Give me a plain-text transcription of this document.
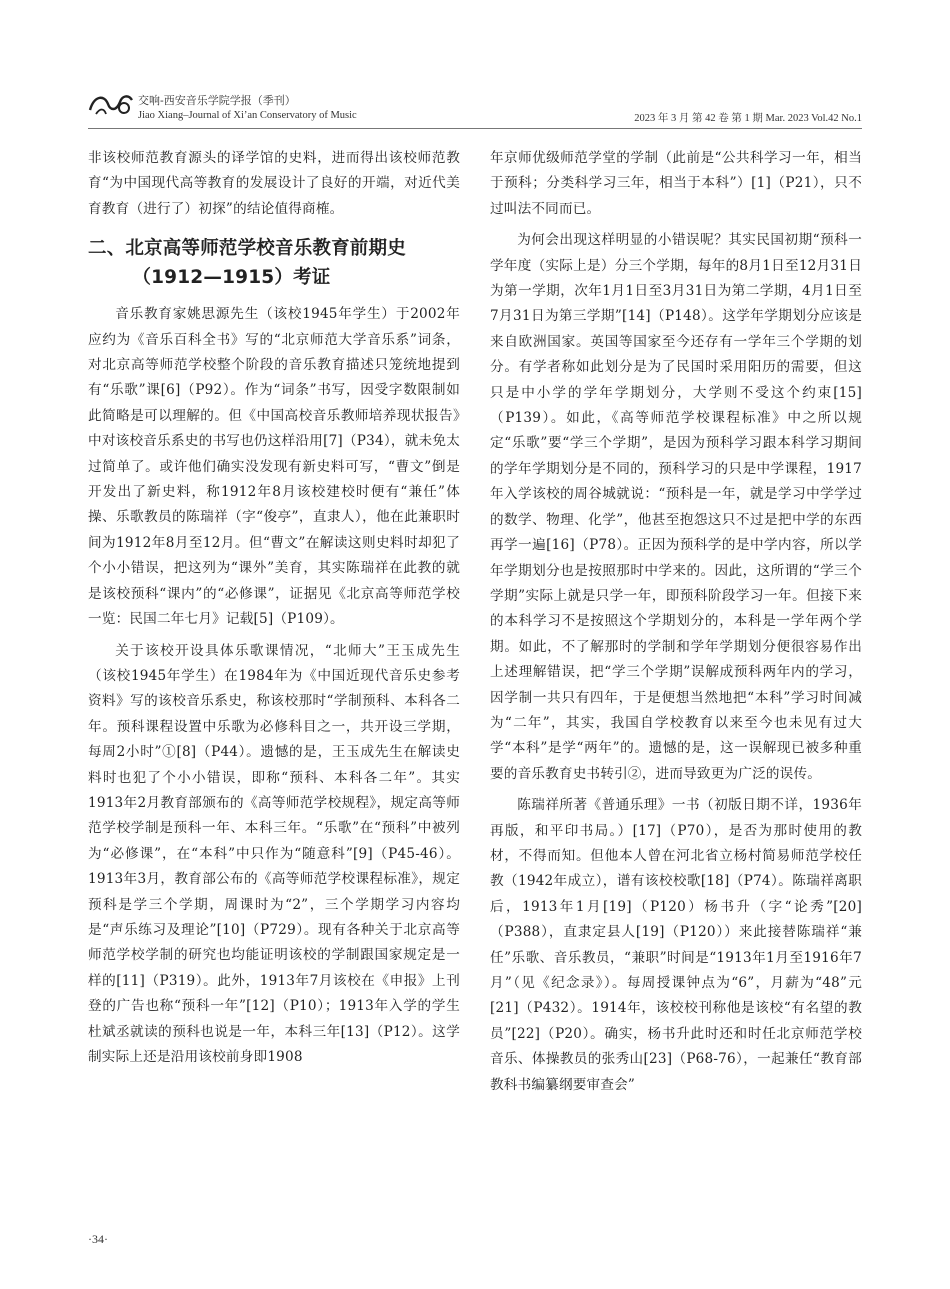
交响-西安音乐学院学报（季刊）
Jiao Xiang–Journal of Xi’an Conservatory of Music	2023 年 3 月 第 42 卷 第 1 期 Mar. 2023 Vol.42 No.1

非该校师范教育源头的译学馆的史料，进而得出该校师范教育“为中国现代高等教育的发展设计了良好的开端，对近代美育教育（进行了）初探”的结论值得商榷。

二、北京高等师范学校音乐教育前期史
（1912—1915）考证

音乐教育家姚思源先生（该校1945年学生）于2002年应约为《音乐百科全书》写的“北京师范大学音乐系”词条，对北京高等师范学校整个阶段的音乐教育描述只笼统地提到有“乐歌”课[6]（P92）。作为“词条”书写，因受字数限制如此简略是可以理解的。但《中国高校音乐教师培养现状报告》中对该校音乐系史的书写也仍这样沿用[7]（P34），就未免太过简单了。或许他们确实没发现有新史料可写，“曹文”倒是开发出了新史料，称1912年8月该校建校时便有“兼任”体操、乐歌教员的陈瑞祥（字“俊亭”，直隶人），他在此兼职时间为1912年8月至12月。但“曹文”在解读这则史料时却犯了个小小错误，把这列为“课外”美育，其实陈瑞祥在此教的就是该校预科“课内”的“必修课”，证据见《北京高等师范学校一览：民国二年七月》记载[5]（P109）。

关于该校开设具体乐歌课情况，“北师大”王玉成先生（该校1945年学生）在1984年为《中国近现代音乐史参考资料》写的该校音乐系史，称该校那时“学制预科、本科各二年。预科课程设置中乐歌为必修科目之一，共开设三学期，每周2小时”①[8]（P44）。遗憾的是，王玉成先生在解读史料时也犯了个小小错误，即称“预科、本科各二年”。其实1913年2月教育部颁布的《高等师范学校规程》，规定高等师范学校学制是预科一年、本科三年。“乐歌”在“预科”中被列为“必修课”，在“本科”中只作为“随意科”[9]（P45-46）。1913年3月，教育部公布的《高等师范学校课程标准》，规定预科是学三个学期，周课时为“2”，三个学期学习内容均是“声乐练习及理论”[10]（P729）。现有各种关于北京高等师范学校学制的研究也均能证明该校的学制跟国家规定是一样的[11]（P319）。此外，1913年7月该校在《申报》上刊登的广告也称“预科一年”[12]（P10）；1913年入学的学生杜斌丞就读的预科也说是一年，本科三年[13]（P12）。这学制实际上还是沿用该校前身即1908

年京师优级师范学堂的学制（此前是“公共科学习一年，相当于预科；分类科学习三年，相当于本科”）[1]（P21），只不过叫法不同而已。

为何会出现这样明显的小错误呢？其实民国初期“预科一学年度（实际上是）分三个学期，每年的8月1日至12月31日为第一学期，次年1月1日至3月31日为第二学期，4月1日至7月31日为第三学期”[14]（P148）。这学年学期划分应该是来自欧洲国家。英国等国家至今还存有一学年三个学期的划分。有学者称如此划分是为了民国时采用阳历的需要，但这只是中小学的学年学期划分，大学则不受这个约束[15]（P139）。如此，《高等师范学校课程标准》中之所以规定“乐歌”要“学三个学期”，是因为预科学习跟本科学习期间的学年学期划分是不同的，预科学习的只是中学课程，1917年入学该校的周谷城就说：“预科是一年，就是学习中学学过的数学、物理、化学”，他甚至抱怨这只不过是把中学的东西再学一遍[16]（P78）。正因为预科学的是中学内容，所以学年学期划分也是按照那时中学来的。因此，这所谓的“学三个学期”实际上就是只学一年，即预科阶段学习一年。但接下来的本科学习不是按照这个学期划分的，本科是一学年两个学期。如此，不了解那时的学制和学年学期划分便很容易作出上述理解错误，把“学三个学期”误解成预科两年内的学习，因学制一共只有四年，于是便想当然地把“本科”学习时间减为“二年”，其实，我国自学校教育以来至今也未见有过大学“本科”是学“两年”的。遗憾的是，这一误解现已被多种重要的音乐教育史书转引②，进而导致更为广泛的误传。

陈瑞祥所著《普通乐理》一书（初版日期不详，1936年再版，和平印书局。）[17]（P70），是否为那时使用的教材，不得而知。但他本人曾在河北省立杨村简易师范学校任教（1942年成立），谱有该校校歌[18]（P74）。陈瑞祥离职后，1913年1月[19]（P120）杨书升（字“论秀”[20]（P388），直隶定县人[19]（P120））来此接替陈瑞祥“兼任”乐歌、音乐教员，“兼职”时间是“1913年1月至1916年7月”（见《纪念录》）。每周授课钟点为“6”，月薪为“48”元[21]（P432）。1914年，该校校刊称他是该校“有名望的教员”[22]（P20）。确实，杨书升此时还和时任北京师范学校音乐、体操教员的张秀山[23]（P68-76），一起兼任“教育部教科书编纂纲要审查会”

·34·
